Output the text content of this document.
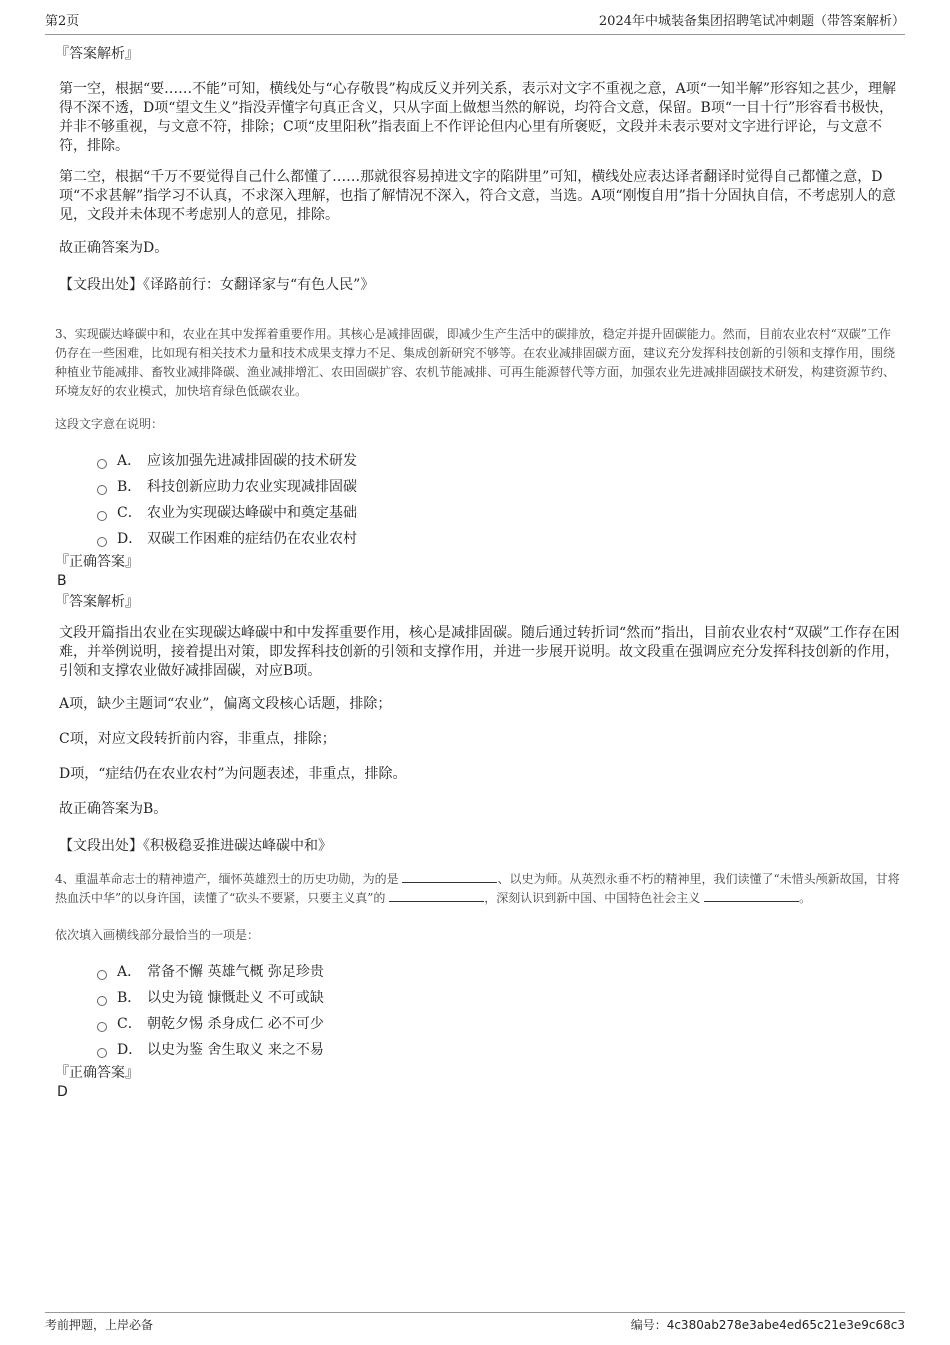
第2页	2024年中城装备集团招聘笔试冲刺题（带答案解析）
『答案解析』

第一空，根据“要……不能”可知，横线处与“心存敬畏”构成反义并列关系，表示对文字不重视之意，A项“一知半解”形容知之甚少，理解得不深不透，D项“望文生义”指没弄懂字句真正含义，只从字面上做想当然的解说，均符合文意，保留。B项“一目十行”形容看书极快，并非不够重视，与文意不符，排除；C项“皮里阳秋”指表面上不作评论但内心里有所褒贬，文段并未表示要对文字进行评论，与文意不符，排除。

第二空，根据“千万不要觉得自己什么都懂了……那就很容易掉进文字的陷阱里”可知，横线处应表达译者翻译时觉得自己都懂之意，D项“不求甚解”指学习不认真，不求深入理解，也指了解情况不深入，符合文意，当选。A项“刚愎自用”指十分固执自信，不考虑别人的意见，文段并未体现不考虑别人的意见，排除。

故正确答案为D。

【文段出处】《译路前行：女翻译家与“有色人民”》

3、实现碳达峰碳中和，农业在其中发挥着重要作用。其核心是减排固碳，即减少生产生活中的碳排放，稳定并提升固碳能力。然而，目前农业农村“双碳”工作仍存在一些困难，比如现有相关技术力量和技术成果支撑力不足、集成创新研究不够等。在农业减排固碳方面，建议充分发挥科技创新的引领和支撑作用，围绕种植业节能减排、畜牧业减排降碳、渔业减排增汇、农田固碳扩容、农机节能减排、可再生能源替代等方面，加强农业先进减排固碳技术研发，构建资源节约、环境友好的农业模式，加快培育绿色低碳农业。

这段文字意在说明：

A． 应该加强先进减排固碳的技术研发
B． 科技创新应助力农业实现减排固碳
C． 农业为实现碳达峰碳中和奠定基础
D． 双碳工作困难的症结仍在农业农村
『正确答案』

B

『答案解析』

文段开篇指出农业在实现碳达峰碳中和中发挥重要作用，核心是减排固碳。随后通过转折词“然而”指出，目前农业农村“双碳”工作存在困难，并举例说明，接着提出对策，即发挥科技创新的引领和支撑作用，并进一步展开说明。故文段重在强调应充分发挥科技创新的作用，引领和支撑农业做好减排固碳，对应B项。

A项，缺少主题词“农业”，偏离文段核心话题，排除；

C项，对应文段转折前内容，非重点，排除；

D项，“症结仍在农业农村”为问题表述，非重点，排除。

故正确答案为B。

【文段出处】《积极稳妥推进碳达峰碳中和》

4、重温革命志士的精神遗产，缅怀英雄烈士的历史功勋，为的是	、以史为师。从英烈永垂不朽的精神里，我们读懂了“未惜头颅新故国，甘将热血沃中华”的以身许国，读懂了“砍头不要紧，只要主义真”的	，深刻认识到新中国、中国特色社会主义	。

依次填入画横线部分最恰当的一项是：

A． 常备不懈 英雄气概 弥足珍贵
B． 以史为镜 慷慨赴义 不可或缺
C． 朝乾夕惕 杀身成仁 必不可少
D． 以史为鉴 舍生取义 来之不易
『正确答案』

D

考前押题，上岸必备	编号：4c380ab278e3abe4ed65c21e3e9c68c3
